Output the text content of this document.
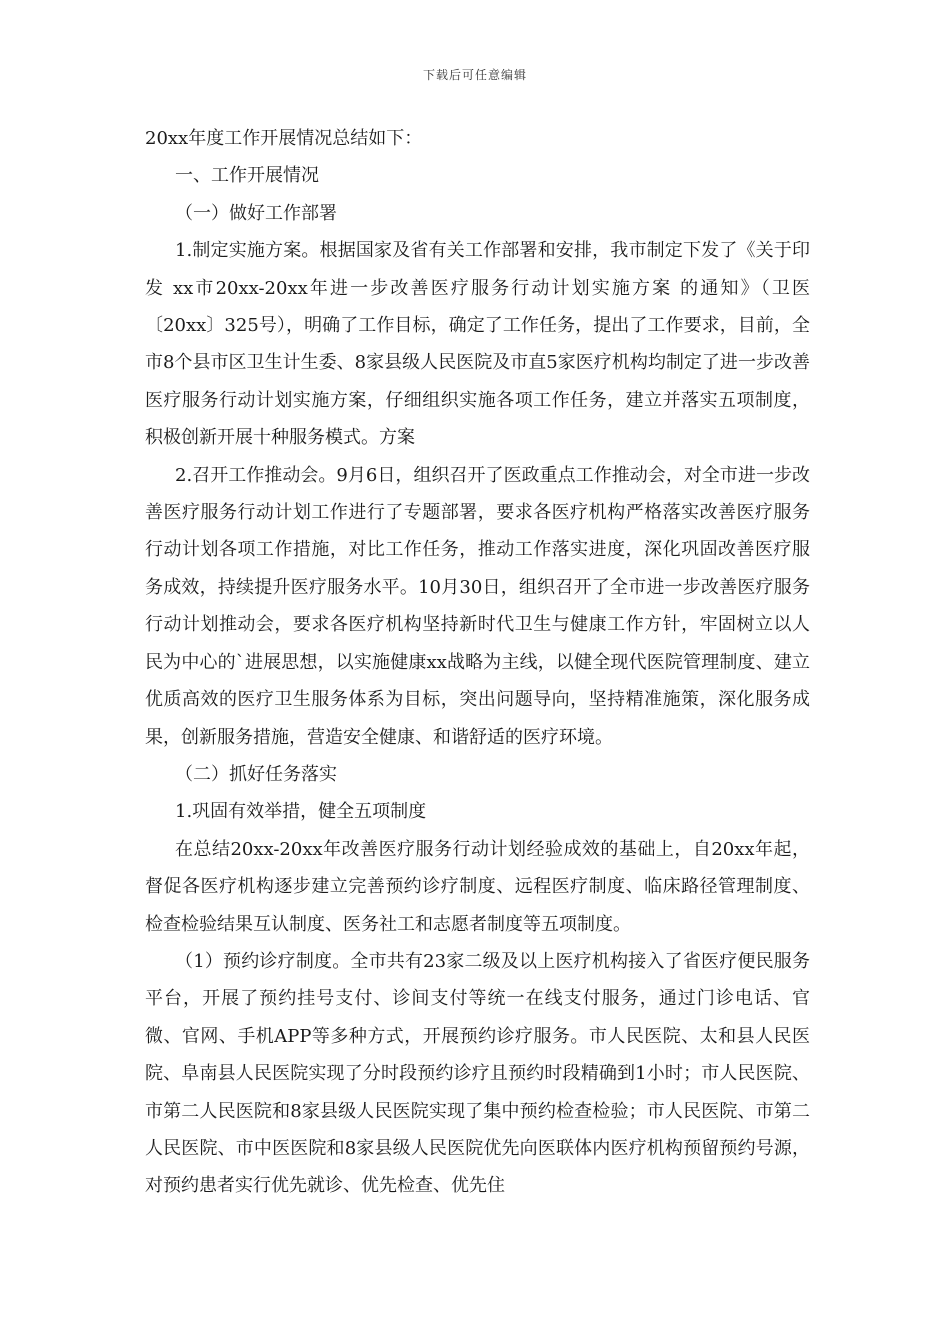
下载后可任意编辑

20xx年度工作开展情况总结如下：

一、工作开展情况

（一）做好工作部署

1.制定实施方案。根据国家及省有关工作部署和安排，我市制定下发了《关于印发 xx市20xx-20xx年进一步改善医疗服务行动计划实施方案 的通知》（卫医〔20xx〕325号），明确了工作目标，确定了工作任务，提出了工作要求，目前，全市8个县市区卫生计生委、8家县级人民医院及市直5家医疗机构均制定了进一步改善医疗服务行动计划实施方案，仔细组织实施各项工作任务，建立并落实五项制度，积极创新开展十种服务模式。方案

2.召开工作推动会。9月6日，组织召开了医政重点工作推动会，对全市进一步改善医疗服务行动计划工作进行了专题部署，要求各医疗机构严格落实改善医疗服务行动计划各项工作措施，对比工作任务，推动工作落实进度，深化巩固改善医疗服务成效，持续提升医疗服务水平。10月30日，组织召开了全市进一步改善医疗服务行动计划推动会，要求各医疗机构坚持新时代卫生与健康工作方针，牢固树立以人民为中心的`进展思想，以实施健康xx战略为主线，以健全现代医院管理制度、建立优质高效的医疗卫生服务体系为目标，突出问题导向，坚持精准施策，深化服务成果，创新服务措施，营造安全健康、和谐舒适的医疗环境。

（二）抓好任务落实

1.巩固有效举措，健全五项制度

在总结20xx-20xx年改善医疗服务行动计划经验成效的基础上，自20xx年起，督促各医疗机构逐步建立完善预约诊疗制度、远程医疗制度、临床路径管理制度、检查检验结果互认制度、医务社工和志愿者制度等五项制度。

（1）预约诊疗制度。全市共有23家二级及以上医疗机构接入了省医疗便民服务平台，开展了预约挂号支付、诊间支付等统一在线支付服务，通过门诊电话、官微、官网、手机APP等多种方式，开展预约诊疗服务。市人民医院、太和县人民医院、阜南县人民医院实现了分时段预约诊疗且预约时段精确到1小时；市人民医院、市第二人民医院和8家县级人民医院实现了集中预约检查检验；市人民医院、市第二人民医院、市中医医院和8家县级人民医院优先向医联体内医疗机构预留预约号源，对预约患者实行优先就诊、优先检查、优先住
